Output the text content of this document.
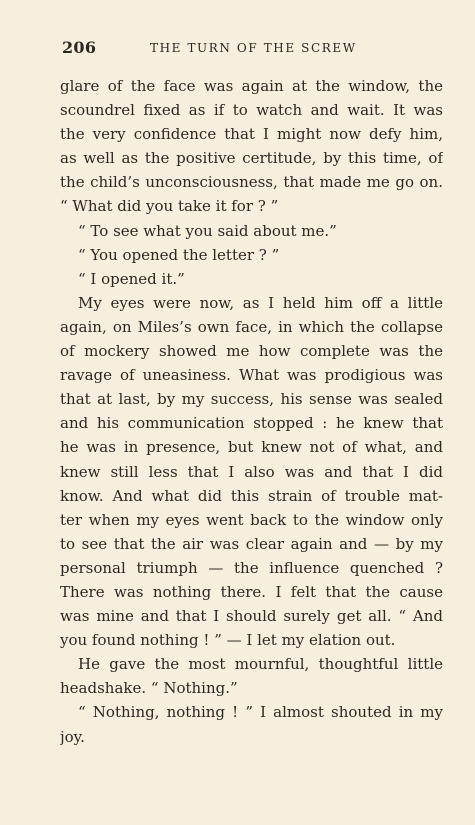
206	THE TURN OF THE SCREW
glare of the face was again at the window, the
scoundrel fixed as if to watch and wait. It was
the very confidence that I might now defy him,
as well as the positive certitude, by this time, of
the child’s unconsciousness, that made me go on.
“ What did you take it for ? ”
“ To see what you said about me.”
“ You opened the letter ? ”
“ I opened it.”
My eyes were now, as I held him off a little
again, on Miles’s own face, in which the collapse
of mockery showed me how complete was the
ravage of uneasiness. What was prodigious was
that at last, by my success, his sense was sealed
and his communication stopped : he knew that
he was in presence, but knew not of what, and
knew still less that I also was and that I did
know. And what did this strain of trouble mat-
ter when my eyes went back to the window only
to see that the air was clear again and — by my
personal triumph — the influence quenched ?
There was nothing there. I felt that the cause
was mine and that I should surely get all. “ And
you found nothing ! ” — I let my elation out.
He gave the most mournful, thoughtful little
headshake. “ Nothing.”
“ Nothing, nothing ! ” I almost shouted in my
joy.
